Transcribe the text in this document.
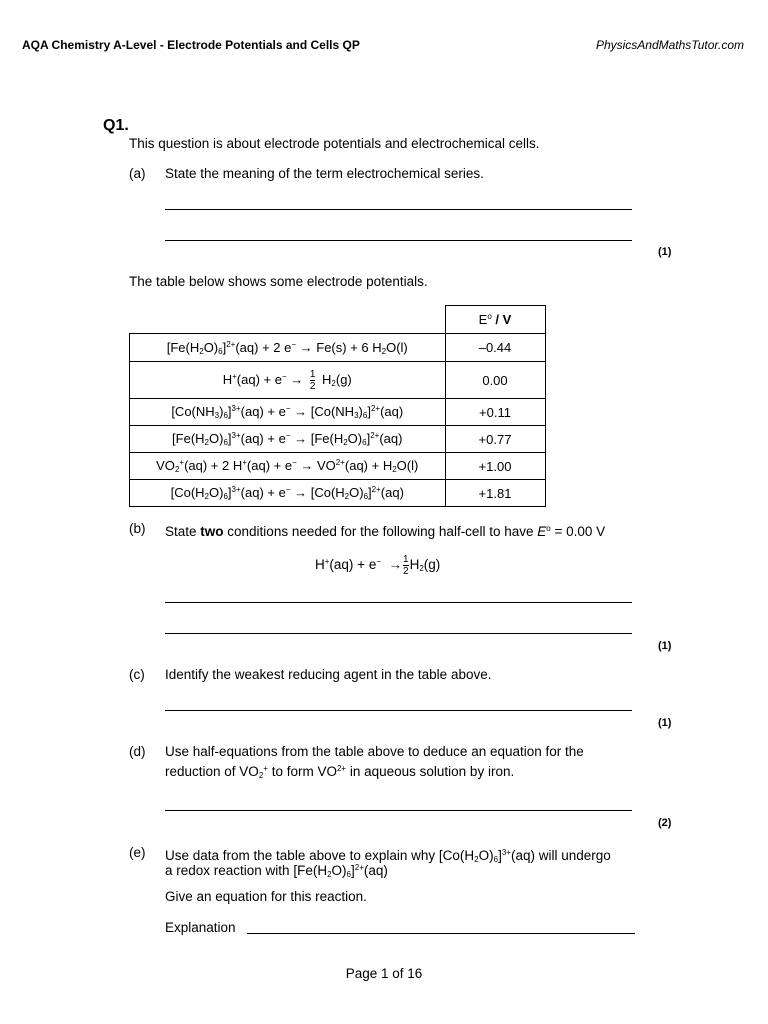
AQA Chemistry A-Level - Electrode Potentials and Cells QP	PhysicsAndMathsTutor.com
Q1.
This question is about electrode potentials and electrochemical cells.
(a) State the meaning of the term electrochemical series.
(1)
The table below shows some electrode potentials.
	$E^o$ / V
$[Fe(H_2O)_6]^{2+}(aq) + 2$ e− → Fe(s) + 6 $H_2O(l)$	–0.44
$H^+(aq) + e^- \to \frac{1}{2} H_2(g)$	0.00
$[Co(NH_3)_6]^{3+}(aq) + e^- \to [Co(NH_3)_6]^{2+}(aq)$	+0.11
$[Fe(H_2O)_6]^{3+}(aq) + e^- \to [Fe(H_2O)_6]^{2+}(aq)$	+0.77
$VO_2^+(aq) + 2$ $H^+(aq) + e^- \to VO^{2+}(aq) + H_2O(l)$	+1.00
$[Co(H_2O)_6]^{3+}(aq) + e^- \to [Co(H_2O)_6]^{2+}(aq)$	+1.81
(b) State two conditions needed for the following half-cell to have $E^o = 0.00$ V
$H^+(aq) + e^- \to \frac{1}{2} H_2(g)$
(1)
(c) Identify the weakest reducing agent in the table above.
(1)
(d) Use half-equations from the table above to deduce an equation for the
reduction of $VO_2^+$ to form $VO^{2+}$ in aqueous solution by iron.
(2)
(e) Use data from the table above to explain why $[Co(H_2O)_6]^{3+}(aq)$ will undergo
a redox reaction with $[Fe(H_2O)_6]^{2+}(aq)$
Give an equation for this reaction.
Explanation
Page 1 of 16
